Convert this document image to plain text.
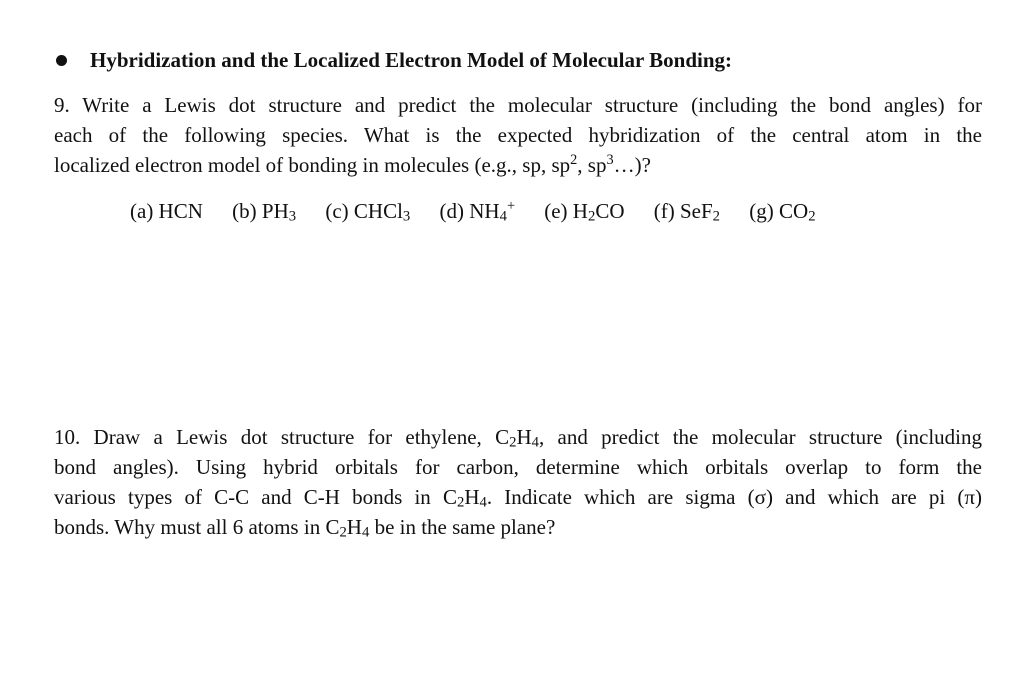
Hybridization and the Localized Electron Model of Molecular Bonding:
9. Write a Lewis dot structure and predict the molecular structure (including the bond angles) for
each of the following species. What is the expected hybridization of the central atom in the
localized electron model of bonding in molecules (e.g., sp, $sp^2$, $sp^3\dots$)?
(a) HCN (b) $PH_3$ (c) CHCl$_3$ (d) $NH_4^+$ (e) $H_2CO$ (f) SeF$_2$ (g) $CO_2$
10. Draw a Lewis dot structure for ethylene, $C_2H_4$, and predict the molecular structure (including
bond angles). Using hybrid orbitals for carbon, determine which orbitals overlap to form the
various types of C-C and C-H bonds in $C_2H_4$. Indicate which are sigma (σ) and which are pi (π)
bonds. Why must all 6 atoms in $C_2H_4$ be in the same plane?
